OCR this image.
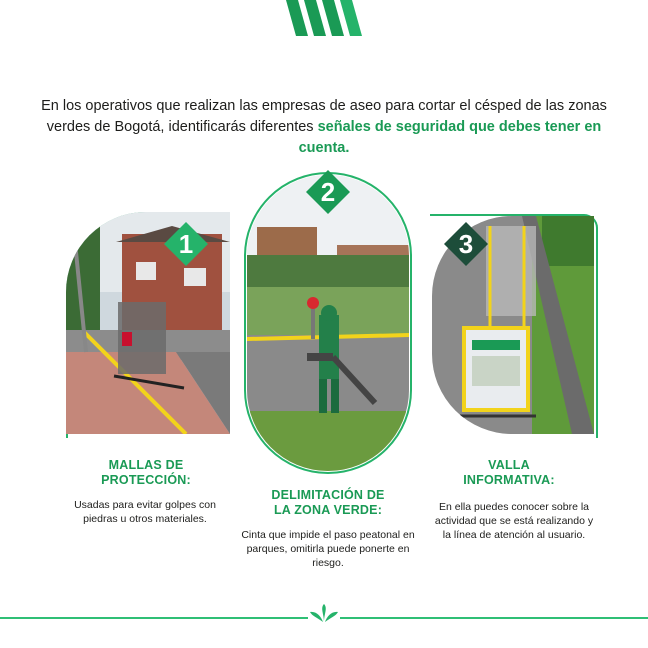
En los operativos que realizan las empresas de aseo para cortar el césped de las zonas verdes de Bogotá, identificarás diferentes señales de seguridad que debes tener en cuenta.
1
MALLAS DE
PROTECCIÓN:
Usadas para evitar golpes con piedras u otros materiales.
2
DELIMITACIÓN DE
LA ZONA VERDE:
Cinta que impide el paso peatonal en parques, omitirla puede ponerte en riesgo.
3
VALLA
INFORMATIVA:
En ella puedes conocer sobre la actividad que se está realizando y la línea de atención al usuario.
